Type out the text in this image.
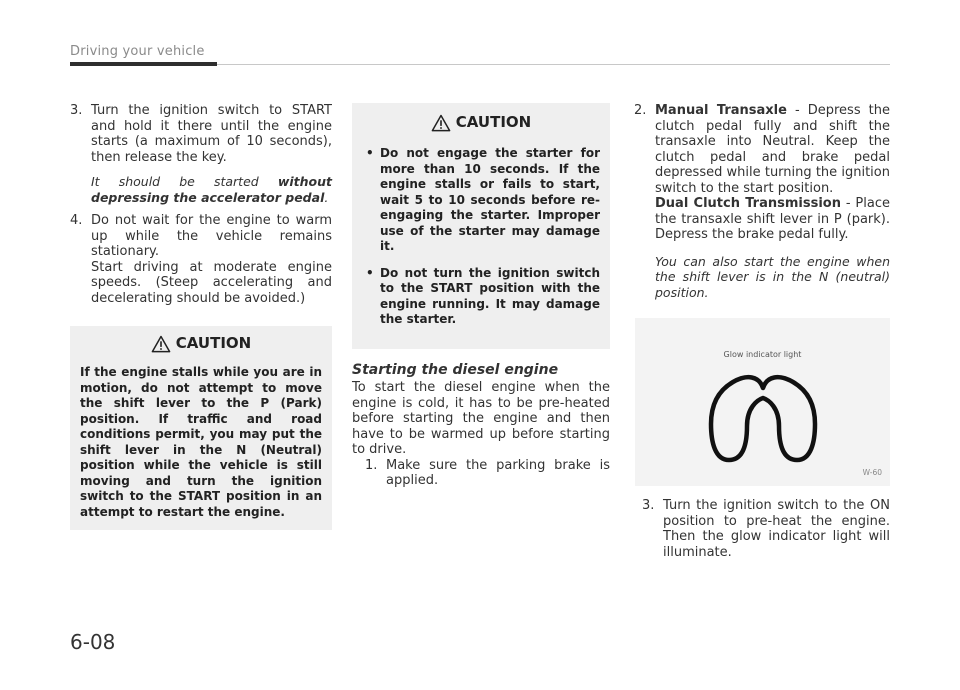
Driving your vehicle
3. Turn the ignition switch to START and hold it there until the engine starts (a maximum of 10 seconds), then release the key.
It should be started without depressing the accelerator pedal.
4. Do not wait for the engine to warm up while the vehicle remains stationary.
Start driving at moderate engine speeds. (Steep accelerating and decelerating should be avoided.)
CAUTION
If the engine stalls while you are in motion, do not attempt to move the shift lever to the P (Park) position. If traffic and road conditions permit, you may put the shift lever in the N (Neutral) position while the vehicle is still moving and turn the ignition switch to the START position in an attempt to restart the engine.
CAUTION
• Do not engage the starter for more than 10 seconds. If the engine stalls or fails to start, wait 5 to 10 seconds before re-engaging the starter. Improper use of the starter may damage it.
• Do not turn the ignition switch to the START position with the engine running. It may damage the starter.
Starting the diesel engine
To start the diesel engine when the engine is cold, it has to be pre-heated before starting the engine and then have to be warmed up before starting to drive.
1. Make sure the parking brake is applied.
2. Manual Transaxle - Depress the clutch pedal fully and shift the transaxle into Neutral. Keep the clutch pedal and brake pedal depressed while turning the ignition switch to the start position.
Dual Clutch Transmission - Place the transaxle shift lever in P (park). Depress the brake pedal fully.
You can also start the engine when the shift lever is in the N (neutral) position.
Glow indicator light
W-60
3. Turn the ignition switch to the ON position to pre-heat the engine. Then the glow indicator light will illuminate.
6-08
